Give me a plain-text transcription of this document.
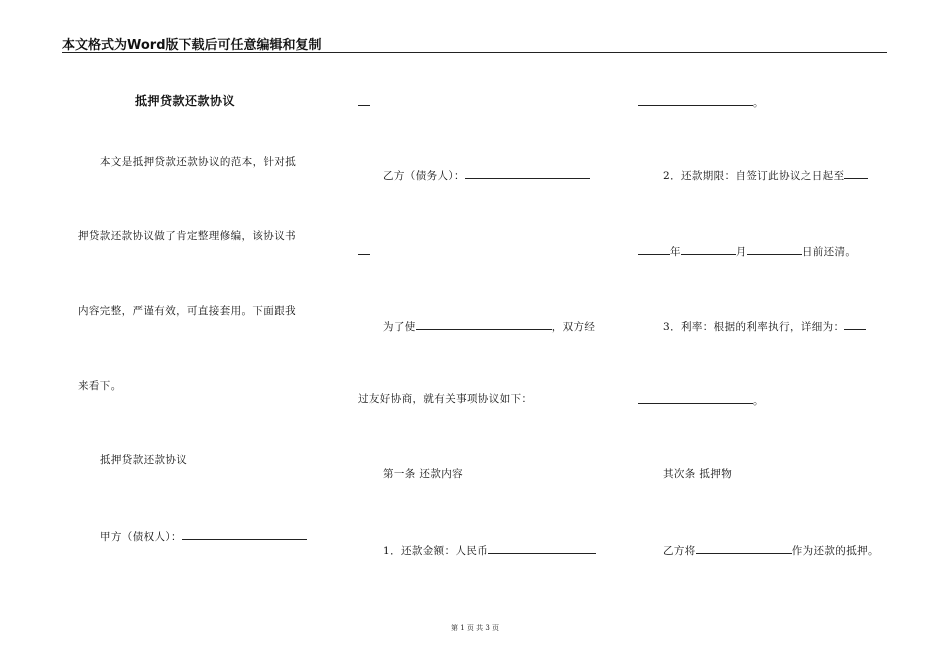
本文格式为Word版下载后可任意编辑和复制
抵押贷款还款协议
本文是抵押贷款还款协议的范本，针对抵
押贷款还款协议做了肯定整理修编，该协议书
内容完整，严谨有效，可直接套用。下面跟我
来看下。
抵押贷款还款协议
甲方（债权人）：
乙方（债务人）：
为了使	，双方经
过友好协商，就有关事项协议如下：
第一条 还款内容
1．还款金额：人民币
。
2．还款期限：自签订此协议之日起至
年	月	日前还清。
3．利率：根据的利率执行，详细为：
。
其次条 抵押物
乙方将	作为还款的抵押。
第 1 页 共 3 页
